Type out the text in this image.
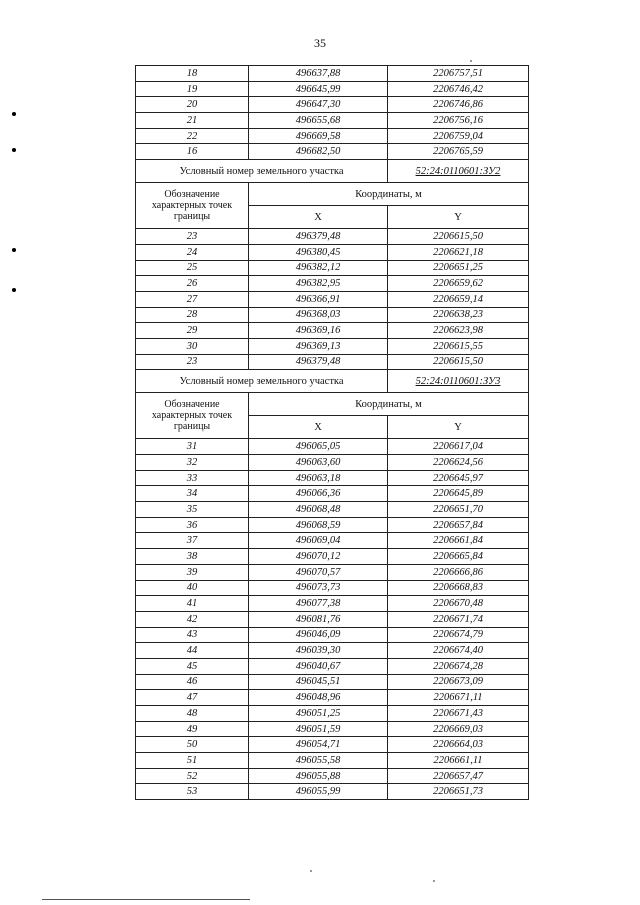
35
18	496637,88	2206757,51
19	496645,99	2206746,42
20	496647,30	2206746,86
21	496655,68	2206756,16
22	496669,58	2206759,04
16	496682,50	2206765,59
Условный номер земельного участка		52:24:0110601:ЗУ2
Обозначение характерных точек границы	Координаты, м	
	X	Y
23	496379,48	2206615,50
24	496380,45	2206621,18
25	496382,12	2206651,25
26	496382,95	2206659,62
27	496366,91	2206659,14
28	496368,03	2206638,23
29	496369,16	2206623,98
30	496369,13	2206615,55
23	496379,48	2206615,50
Условный номер земельного участка		52:24:0110601:ЗУ3
Обозначение характерных точек границы	Координаты, м	
	X	Y
31	496065,05	2206617,04
32	496063,60	2206624,56
33	496063,18	2206645,97
34	496066,36	2206645,89
35	496068,48	2206651,70
36	496068,59	2206657,84
37	496069,04	2206661,84
38	496070,12	2206665,84
39	496070,57	2206666,86
40	496073,73	2206668,83
41	496077,38	2206670,48
42	496081,76	2206671,74
43	496046,09	2206674,79
44	496039,30	2206674,40
45	496040,67	2206674,28
46	496045,51	2206673,09
47	496048,96	2206671,11
48	496051,25	2206671,43
49	496051,59	2206669,03
50	496054,71	2206664,03
51	496055,58	2206661,11
52	496055,88	2206657,47
53	496055,99	2206651,73
